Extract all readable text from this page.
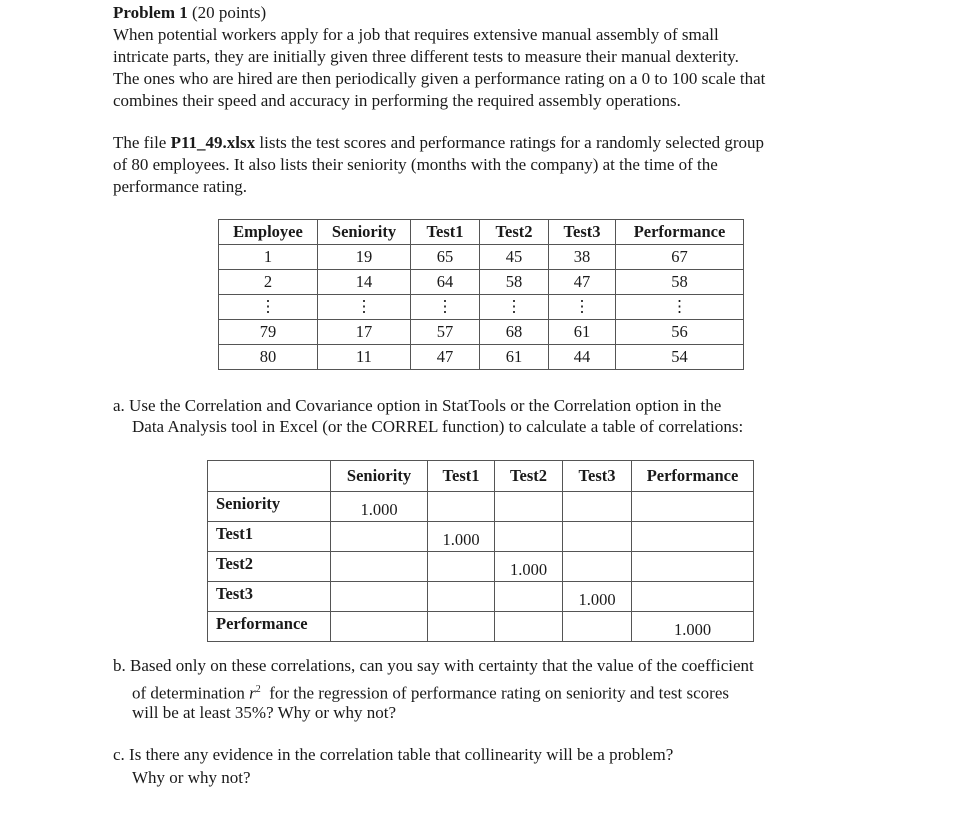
Problem 1 (20 points)
When potential workers apply for a job that requires extensive manual assembly of small
intricate parts, they are initially given three different tests to measure their manual dexterity.
The ones who are hired are then periodically given a performance rating on a 0 to 100 scale that
combines their speed and accuracy in performing the required assembly operations.
The file P11_49.xlsx lists the test scores and performance ratings for a randomly selected group
of 80 employees. It also lists their seniority (months with the company) at the time of the
performance rating.
Employee	Seniority	Test1	Test2	Test3	Performance
1	19	65	45	38	67
2	14	64	58	47	58
⋮	⋮	⋮	⋮	⋮	⋮
79	17	57	68	61	56
80	11	47	61	44	54
a. Use the Correlation and Covariance option in StatTools or the Correlation option in the
Data Analysis tool in Excel (or the CORREL function) to calculate a table of correlations:
	Seniority	Test1	Test2	Test3	Performance
Seniority	1.000				
Test1		1.000			
Test2			1.000		
Test3				1.000	
Performance					1.000
b. Based only on these correlations, can you say with certainty that the value of the coefficient
of determination $r^2$  for the regression of performance rating on seniority and test scores
will be at least 35%? Why or why not?
c. Is there any evidence in the correlation table that collinearity will be a problem?
Why or why not?
